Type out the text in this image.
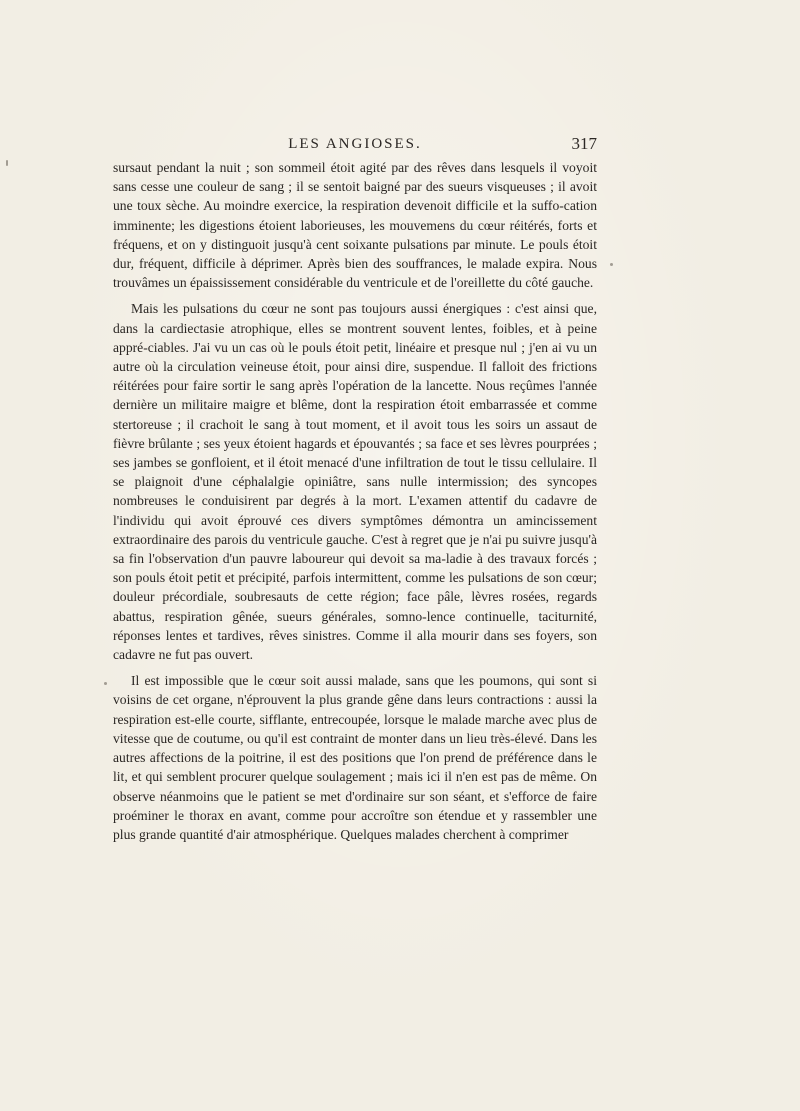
LES ANGIOSES.	317

sursaut pendant la nuit ; son sommeil étoit agité par des rêves dans lesquels il voyoit sans cesse une couleur de sang ; il se sentoit baigné par des sueurs visqueuses ; il avoit une toux sèche. Au moindre exercice, la respiration devenoit difficile et la suffo-cation imminente; les digestions étoient laborieuses, les mouvemens du cœur réitérés, forts et fréquens, et on y distinguoit jusqu'à cent soixante pulsations par minute. Le pouls étoit dur, fréquent, difficile à déprimer. Après bien des souffrances, le malade expira. Nous trouvâmes un épaississement considérable du ventricule et de l'oreillette du côté gauche.

Mais les pulsations du cœur ne sont pas toujours aussi énergiques : c'est ainsi que, dans la cardiectasie atrophique, elles se montrent souvent lentes, foibles, et à peine appré-ciables. J'ai vu un cas où le pouls étoit petit, linéaire et presque nul ; j'en ai vu un autre où la circulation veineuse étoit, pour ainsi dire, suspendue. Il falloit des frictions réitérées pour faire sortir le sang après l'opération de la lancette. Nous reçûmes l'année dernière un militaire maigre et blême, dont la respiration étoit embarrassée et comme stertoreuse ; il crachoit le sang à tout moment, et il avoit tous les soirs un assaut de fièvre brûlante ; ses yeux étoient hagards et épouvantés ; sa face et ses lèvres pourprées ; ses jambes se gonfloient, et il étoit menacé d'une infiltration de tout le tissu cellulaire. Il se plaignoit d'une céphalalgie opiniâtre, sans nulle intermission; des syncopes nombreuses le conduisirent par degrés à la mort. L'examen attentif du cadavre de l'individu qui avoit éprouvé ces divers symptômes démontra un amincissement extraordinaire des parois du ventricule gauche. C'est à regret que je n'ai pu suivre jusqu'à sa fin l'observation d'un pauvre laboureur qui devoit sa ma-ladie à des travaux forcés ; son pouls étoit petit et précipité, parfois intermittent, comme les pulsations de son cœur; douleur précordiale, soubresauts de cette région; face pâle, lèvres rosées, regards abattus, respiration gênée, sueurs générales, somno-lence continuelle, taciturnité, réponses lentes et tardives, rêves sinistres. Comme il alla mourir dans ses foyers, son cadavre ne fut pas ouvert.

Il est impossible que le cœur soit aussi malade, sans que les poumons, qui sont si voisins de cet organe, n'éprouvent la plus grande gêne dans leurs contractions : aussi la respiration est-elle courte, sifflante, entrecoupée, lorsque le malade marche avec plus de vitesse que de coutume, ou qu'il est contraint de monter dans un lieu très-élevé. Dans les autres affections de la poitrine, il est des positions que l'on prend de préférence dans le lit, et qui semblent procurer quelque soulagement ; mais ici il n'en est pas de même. On observe néanmoins que le patient se met d'ordinaire sur son séant, et s'efforce de faire proéminer le thorax en avant, comme pour accroître son étendue et y rassembler une plus grande quantité d'air atmosphérique. Quelques malades cherchent à comprimer
